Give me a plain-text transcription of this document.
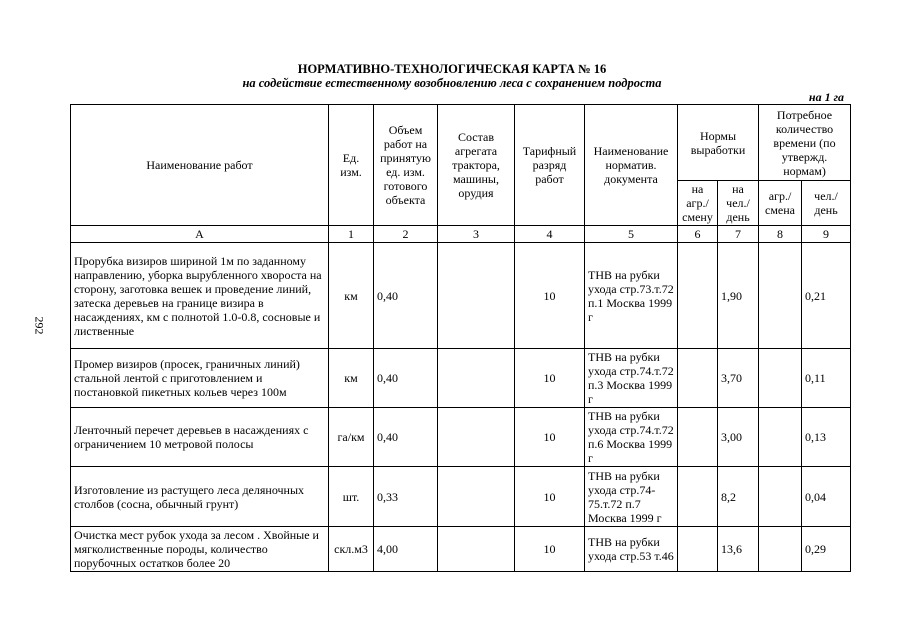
292
НОРМАТИВНО-ТЕХНОЛОГИЧЕСКАЯ КАРТА № 16
на содействие естественному возобновлению леса с сохранением подроста
на 1 га
Наименование работ	Ед. изм.	Объем работ на принятую ед. изм. готового объекта	Состав агрегата трактора, машины, орудия	Тарифный разряд работ	Наименование норматив. документа	Нормы выработки		Потребное количество времени (по утвержд. нормам)	
						на агр./ смену	на чел./ день	агр./ смена	чел./ день
А	1	2	3	4	5	6	7	8	9
Прорубка визиров шириной 1м по заданному направлению, уборка вырубленного хвороста на сторону, заготовка вешек и проведение линий, затеска деревьев на границе визира в насаждениях, км с полнотой 1.0-0.8, сосновые и лиственные	км	0,40		10	ТНВ на рубки ухода стр.73.т.72 п.1 Москва 1999 г		1,90		0,21
Промер визиров (просек, граничных линий) стальной лентой с приготовлением и постановкой пикетных кольев через 100м	км	0,40		10	ТНВ на рубки ухода стр.74.т.72 п.3 Москва 1999 г		3,70		0,11
Ленточный перечет деревьев в насаждениях с ограничением 10 метровой полосы	га/км	0,40		10	ТНВ на рубки ухода стр.74.т.72 п.6 Москва 1999 г		3,00		0,13
Изготовление из растущего леса деляночных столбов (сосна, обычный грунт)	шт.	0,33		10	ТНВ на рубки ухода стр.74-75.т.72 п.7 Москва 1999 г		8,2		0,04
Очистка мест рубок ухода за лесом . Хвойные и мягколиственные породы, количество порубочных остатков более 20	скл.м3	4,00		10	ТНВ на рубки ухода стр.53 т.46		13,6		0,29
